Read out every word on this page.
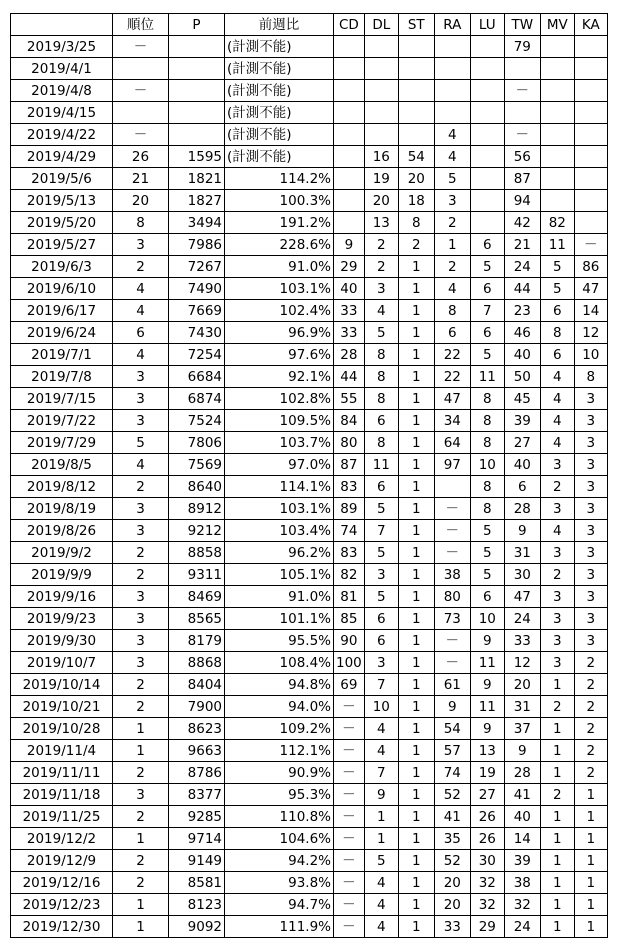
	順位	P	前週比	CD	DL	ST	RA	LU	TW	MV	KA
2019/3/25	－		(計測不能)						79		
2019/4/1			(計測不能)								
2019/4/8	－		(計測不能)						－		
2019/4/15			(計測不能)								
2019/4/22	－		(計測不能)				4		－		
2019/4/29	26	1595	(計測不能)		16	54	4		56		
2019/5/6	21	1821	114.2%		19	20	5		87		
2019/5/13	20	1827	100.3%		20	18	3		94		
2019/5/20	8	3494	191.2%		13	8	2		42	82	
2019/5/27	3	7986	228.6%	9	2	2	1	6	21	11	－
2019/6/3	2	7267	91.0%	29	2	1	2	5	24	5	86
2019/6/10	4	7490	103.1%	40	3	1	4	6	44	5	47
2019/6/17	4	7669	102.4%	33	4	1	8	7	23	6	14
2019/6/24	6	7430	96.9%	33	5	1	6	6	46	8	12
2019/7/1	4	7254	97.6%	28	8	1	22	5	40	6	10
2019/7/8	3	6684	92.1%	44	8	1	22	11	50	4	8
2019/7/15	3	6874	102.8%	55	8	1	47	8	45	4	3
2019/7/22	3	7524	109.5%	84	6	1	34	8	39	4	3
2019/7/29	5	7806	103.7%	80	8	1	64	8	27	4	3
2019/8/5	4	7569	97.0%	87	11	1	97	10	40	3	3
2019/8/12	2	8640	114.1%	83	6	1		8	6	2	3
2019/8/19	3	8912	103.1%	89	5	1	－	8	28	3	3
2019/8/26	3	9212	103.4%	74	7	1	－	5	9	4	3
2019/9/2	2	8858	96.2%	83	5	1	－	5	31	3	3
2019/9/9	2	9311	105.1%	82	3	1	38	5	30	2	3
2019/9/16	3	8469	91.0%	81	5	1	80	6	47	3	3
2019/9/23	3	8565	101.1%	85	6	1	73	10	24	3	3
2019/9/30	3	8179	95.5%	90	6	1	－	9	33	3	3
2019/10/7	3	8868	108.4%	100	3	1	－	11	12	3	2
2019/10/14	2	8404	94.8%	69	7	1	61	9	20	1	2
2019/10/21	2	7900	94.0%	－	10	1	9	11	31	2	2
2019/10/28	1	8623	109.2%	－	4	1	54	9	37	1	2
2019/11/4	1	9663	112.1%	－	4	1	57	13	9	1	2
2019/11/11	2	8786	90.9%	－	7	1	74	19	28	1	2
2019/11/18	3	8377	95.3%	－	9	1	52	27	41	2	1
2019/11/25	2	9285	110.8%	－	1	1	41	26	40	1	1
2019/12/2	1	9714	104.6%	－	1	1	35	26	14	1	1
2019/12/9	2	9149	94.2%	－	5	1	52	30	39	1	1
2019/12/16	2	8581	93.8%	－	4	1	20	32	38	1	1
2019/12/23	1	8123	94.7%	－	4	1	20	32	32	1	1
2019/12/30	1	9092	111.9%	－	4	1	33	29	24	1	1
